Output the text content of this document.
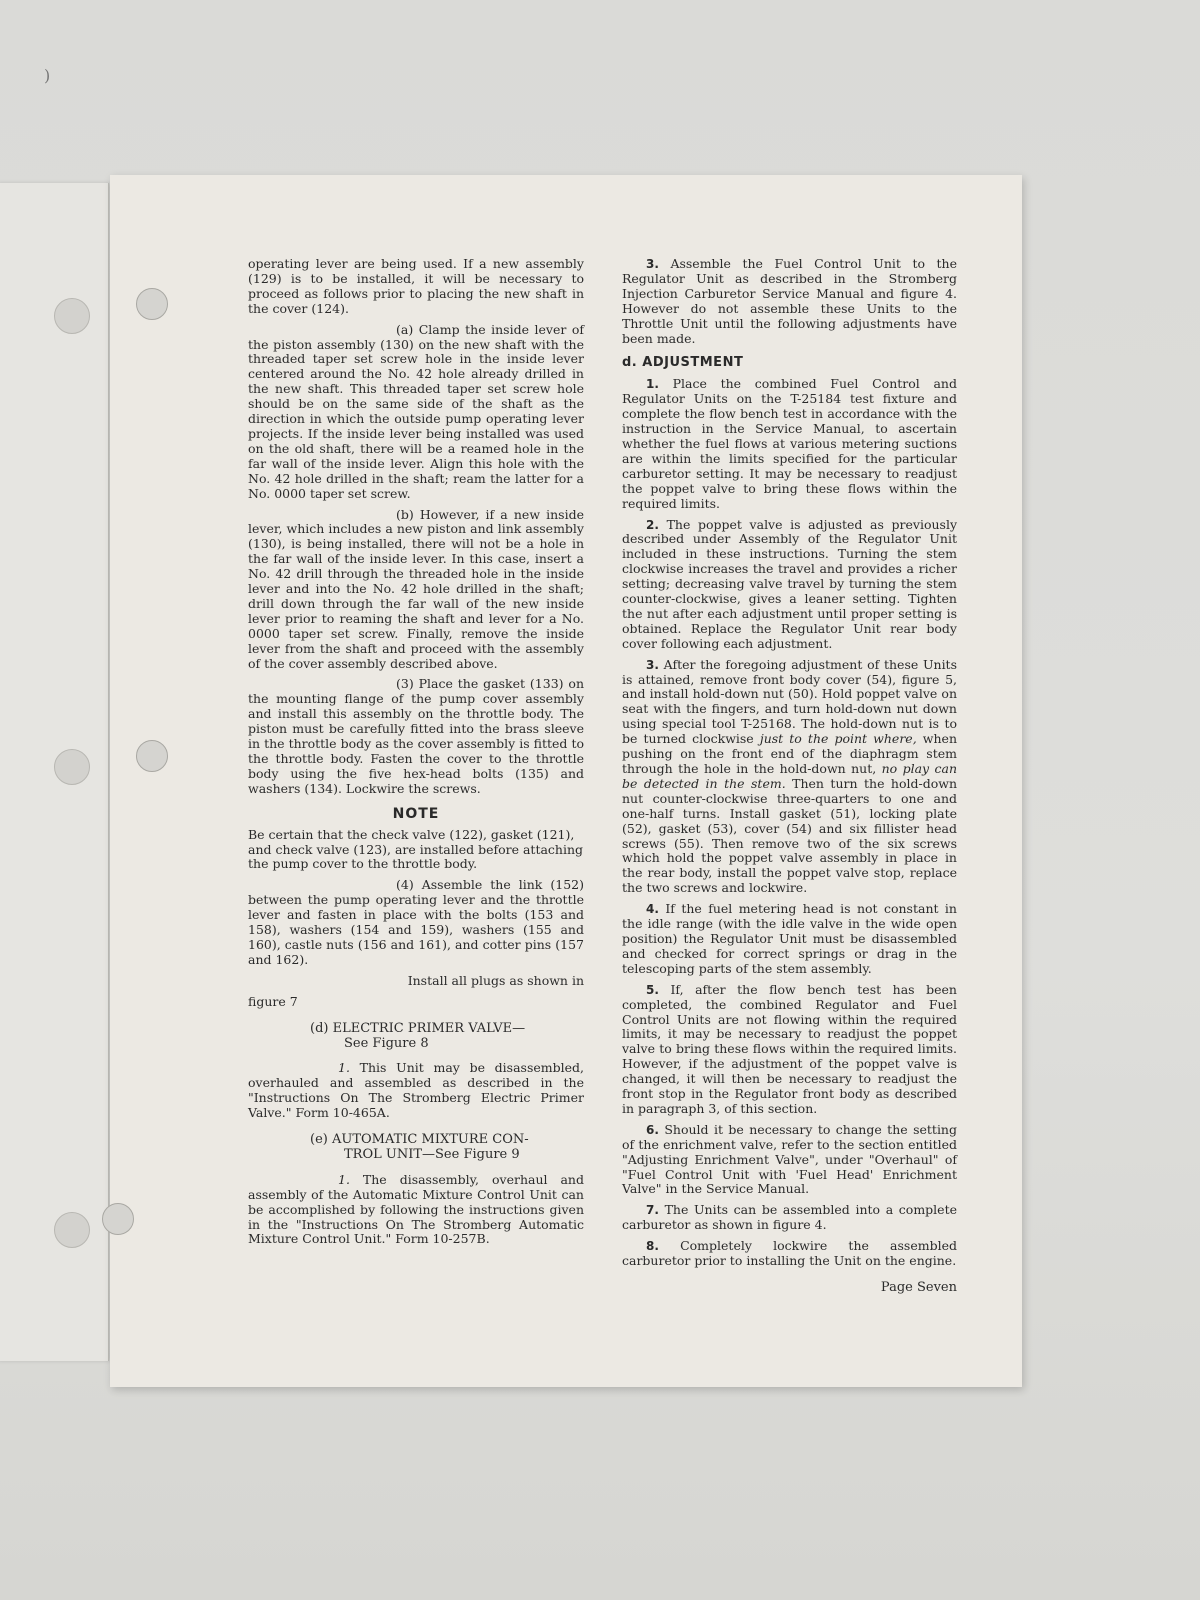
)

operating lever are being used. If a new assembly (129) is to be installed, it will be necessary to proceed as follows prior to placing the new shaft in the cover (124).

(a) Clamp the inside lever of the piston assembly (130) on the new shaft with the threaded taper set screw hole in the inside lever centered around the No. 42 hole already drilled in the new shaft. This threaded taper set screw hole should be on the same side of the shaft as the direction in which the outside pump operating lever projects. If the inside lever being installed was used on the old shaft, there will be a reamed hole in the far wall of the inside lever. Align this hole with the No. 42 hole drilled in the shaft; ream the latter for a No. 0000 taper set screw.

(b) However, if a new inside lever, which includes a new piston and link assembly (130), is being installed, there will not be a hole in the far wall of the inside lever. In this case, insert a No. 42 drill through the threaded hole in the inside lever and into the No. 42 hole drilled in the shaft; drill down through the far wall of the new inside lever prior to reaming the shaft and lever for a No. 0000 taper set screw. Finally, remove the inside lever from the shaft and proceed with the assembly of the cover assembly described above.

(3) Place the gasket (133) on the mounting flange of the pump cover assembly and install this assembly on the throttle body. The piston must be carefully fitted into the brass sleeve in the throttle body as the cover assembly is fitted to the throttle body. Fasten the cover to the throttle body using the five hex-head bolts (135) and washers (134). Lockwire the screws.

NOTE

Be certain that the check valve (122), gasket (121), and check valve (123), are installed before attaching the pump cover to the throttle body.

(4) Assemble the link (152) between the pump operating lever and the throttle lever and fasten in place with the bolts (153 and 158), washers (154 and 159), washers (155 and 160), castle nuts (156 and 161), and cotter pins (157 and 162).

Install all plugs as shown in

figure 7

(d) ELECTRIC PRIMER VALVE—
See Figure 8

1. This Unit may be disassembled, overhauled and assembled as described in the "Instructions On The Stromberg Electric Primer Valve." Form 10-465A.

(e) AUTOMATIC MIXTURE CON-
TROL UNIT—See Figure 9

1. The disassembly, overhaul and assembly of the Automatic Mixture Control Unit can be accomplished by following the instructions given in the "Instructions On The Stromberg Automatic Mixture Control Unit." Form 10-257B.

3. Assemble the Fuel Control Unit to the Regulator Unit as described in the Stromberg Injection Carburetor Service Manual and figure 4. However do not assemble these Units to the Throttle Unit until the following adjustments have been made.

d. ADJUSTMENT

1. Place the combined Fuel Control and Regulator Units on the T-25184 test fixture and complete the flow bench test in accordance with the instruction in the Service Manual, to ascertain whether the fuel flows at various metering suctions are within the limits specified for the particular carburetor setting. It may be necessary to readjust the poppet valve to bring these flows within the required limits.

2. The poppet valve is adjusted as previously described under Assembly of the Regulator Unit included in these instructions. Turning the stem clockwise increases the travel and provides a richer setting; decreasing valve travel by turning the stem counter-clockwise, gives a leaner setting. Tighten the nut after each adjustment until proper setting is obtained. Replace the Regulator Unit rear body cover following each adjustment.

3. After the foregoing adjustment of these Units is attained, remove front body cover (54), figure 5, and install hold-down nut (50). Hold poppet valve on seat with the fingers, and turn hold-down nut down using special tool T-25168. The hold-down nut is to be turned clockwise just to the point where, when pushing on the front end of the diaphragm stem through the hole in the hold-down nut, no play can be detected in the stem. Then turn the hold-down nut counter-clockwise three-quarters to one and one-half turns. Install gasket (51), locking plate (52), gasket (53), cover (54) and six fillister head screws (55). Then remove two of the six screws which hold the poppet valve assembly in place in the rear body, install the poppet valve stop, replace the two screws and lockwire.

4. If the fuel metering head is not constant in the idle range (with the idle valve in the wide open position) the Regulator Unit must be disassembled and checked for correct springs or drag in the telescoping parts of the stem assembly.

5. If, after the flow bench test has been completed, the combined Regulator and Fuel Control Units are not flowing within the required limits, it may be necessary to readjust the poppet valve to bring these flows within the required limits. However, if the adjustment of the poppet valve is changed, it will then be necessary to readjust the front stop in the Regulator front body as described in paragraph 3, of this section.

6. Should it be necessary to change the setting of the enrichment valve, refer to the section entitled "Adjusting Enrichment Valve", under "Overhaul" of "Fuel Control Unit with 'Fuel Head' Enrichment Valve" in the Service Manual.

7. The Units can be assembled into a complete carburetor as shown in figure 4.

8. Completely lockwire the assembled carburetor prior to installing the Unit on the engine.

Page Seven
